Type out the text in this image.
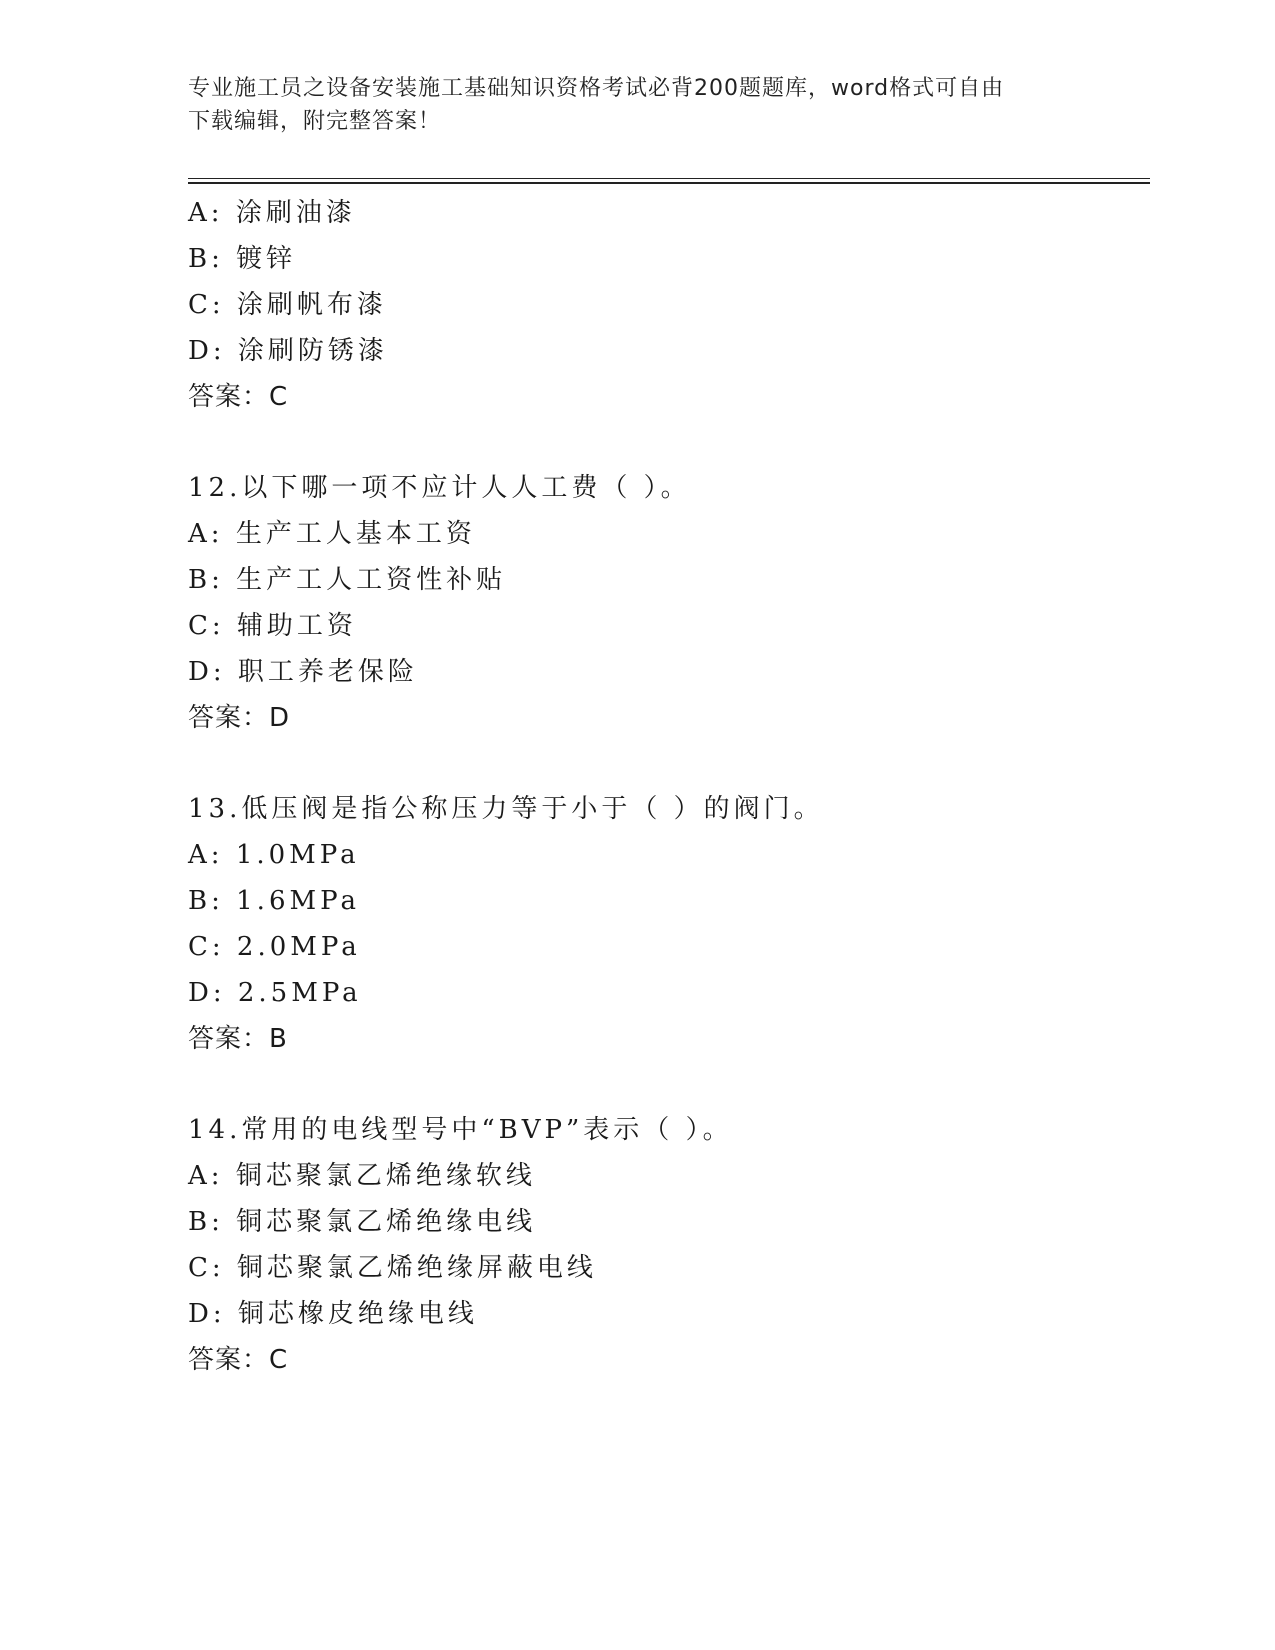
专业施工员之设备安装施工基础知识资格考试必背200题题库，word格式可自由
下载编辑，附完整答案！
A: 涂刷油漆
B: 镀锌
C: 涂刷帆布漆
D: 涂刷防锈漆
答案：C
12.以下哪一项不应计人人工费（ ）。
A: 生产工人基本工资
B: 生产工人工资性补贴
C: 辅助工资
D: 职工养老保险
答案：D
13.低压阀是指公称压力等于小于（ ）的阀门。
A: 1.0MPa
B: 1.6MPa
C: 2.0MPa
D: 2.5MPa
答案：B
14.常用的电线型号中“BVP”表示（ ）。
A: 铜芯聚氯乙烯绝缘软线
B: 铜芯聚氯乙烯绝缘电线
C: 铜芯聚氯乙烯绝缘屏蔽电线
D: 铜芯橡皮绝缘电线
答案：C
